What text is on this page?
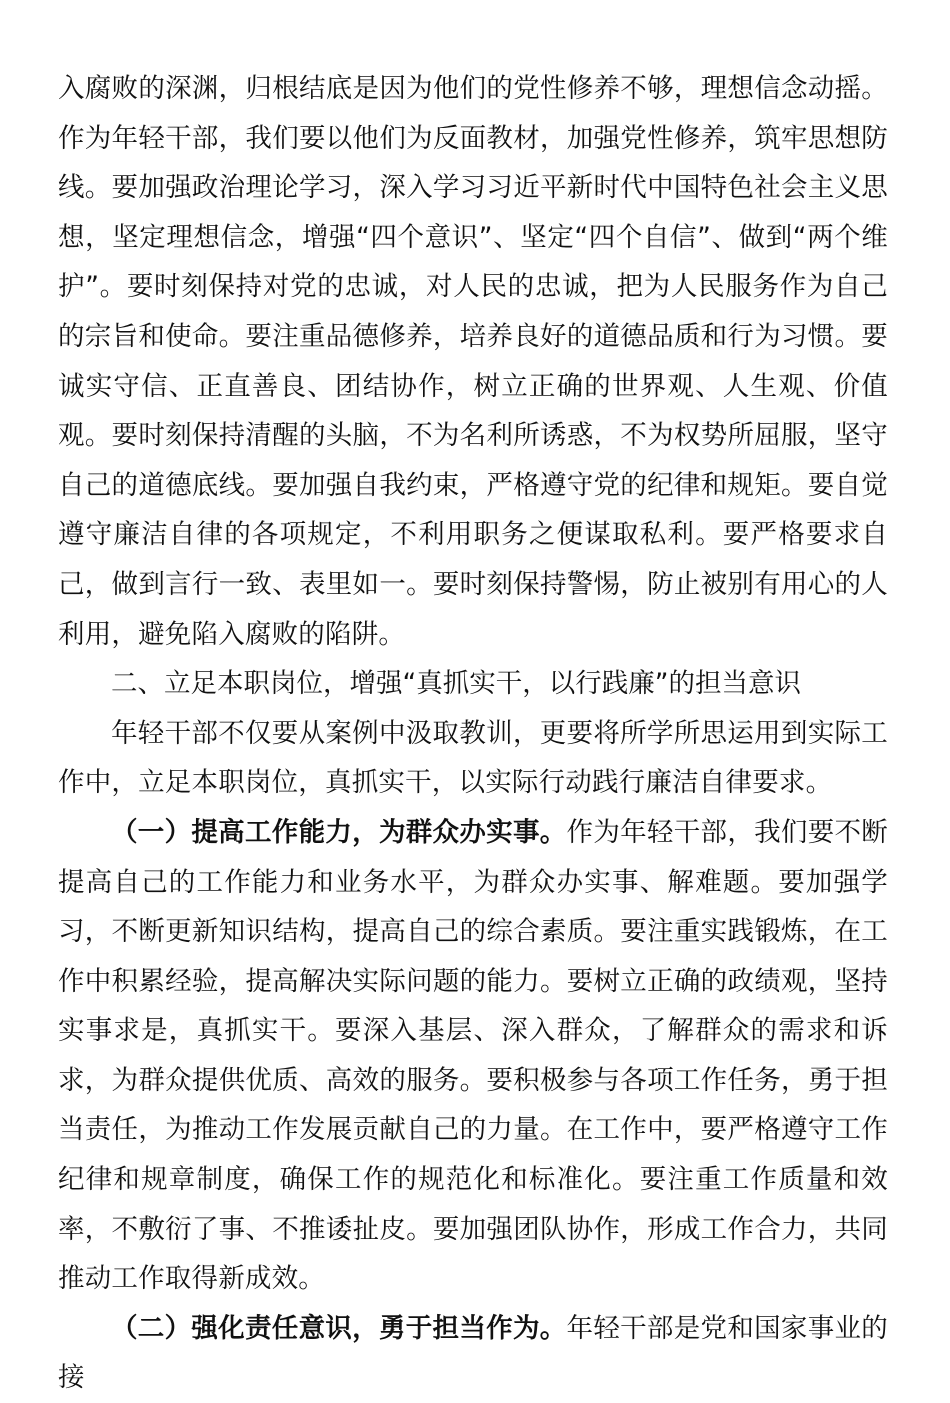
入腐败的深渊，归根结底是因为他们的党性修养不够，理想信念动摇。作为年轻干部，我们要以他们为反面教材，加强党性修养，筑牢思想防线。要加强政治理论学习，深入学习习近平新时代中国特色社会主义思想，坚定理想信念，增强“四个意识”、坚定“四个自信”、做到“两个维护”。要时刻保持对党的忠诚，对人民的忠诚，把为人民服务作为自己的宗旨和使命。要注重品德修养，培养良好的道德品质和行为习惯。要诚实守信、正直善良、团结协作，树立正确的世界观、人生观、价值观。要时刻保持清醒的头脑，不为名利所诱惑，不为权势所屈服，坚守自己的道德底线。要加强自我约束，严格遵守党的纪律和规矩。要自觉遵守廉洁自律的各项规定，不利用职务之便谋取私利。要严格要求自己，做到言行一致、表里如一。要时刻保持警惕，防止被别有用心的人利用，避免陷入腐败的陷阱。

二、立足本职岗位，增强“真抓实干，以行践廉”的担当意识

年轻干部不仅要从案例中汲取教训，更要将所学所思运用到实际工作中，立足本职岗位，真抓实干，以实际行动践行廉洁自律要求。

（一）提高工作能力，为群众办实事。作为年轻干部，我们要不断提高自己的工作能力和业务水平，为群众办实事、解难题。要加强学习，不断更新知识结构，提高自己的综合素质。要注重实践锻炼，在工作中积累经验，提高解决实际问题的能力。要树立正确的政绩观，坚持实事求是，真抓实干。要深入基层、深入群众，了解群众的需求和诉求，为群众提供优质、高效的服务。要积极参与各项工作任务，勇于担当责任，为推动工作发展贡献自己的力量。在工作中，要严格遵守工作纪律和规章制度，确保工作的规范化和标准化。要注重工作质量和效率，不敷衍了事、不推诿扯皮。要加强团队协作，形成工作合力，共同推动工作取得新成效。

（二）强化责任意识，勇于担当作为。年轻干部是党和国家事业的接
